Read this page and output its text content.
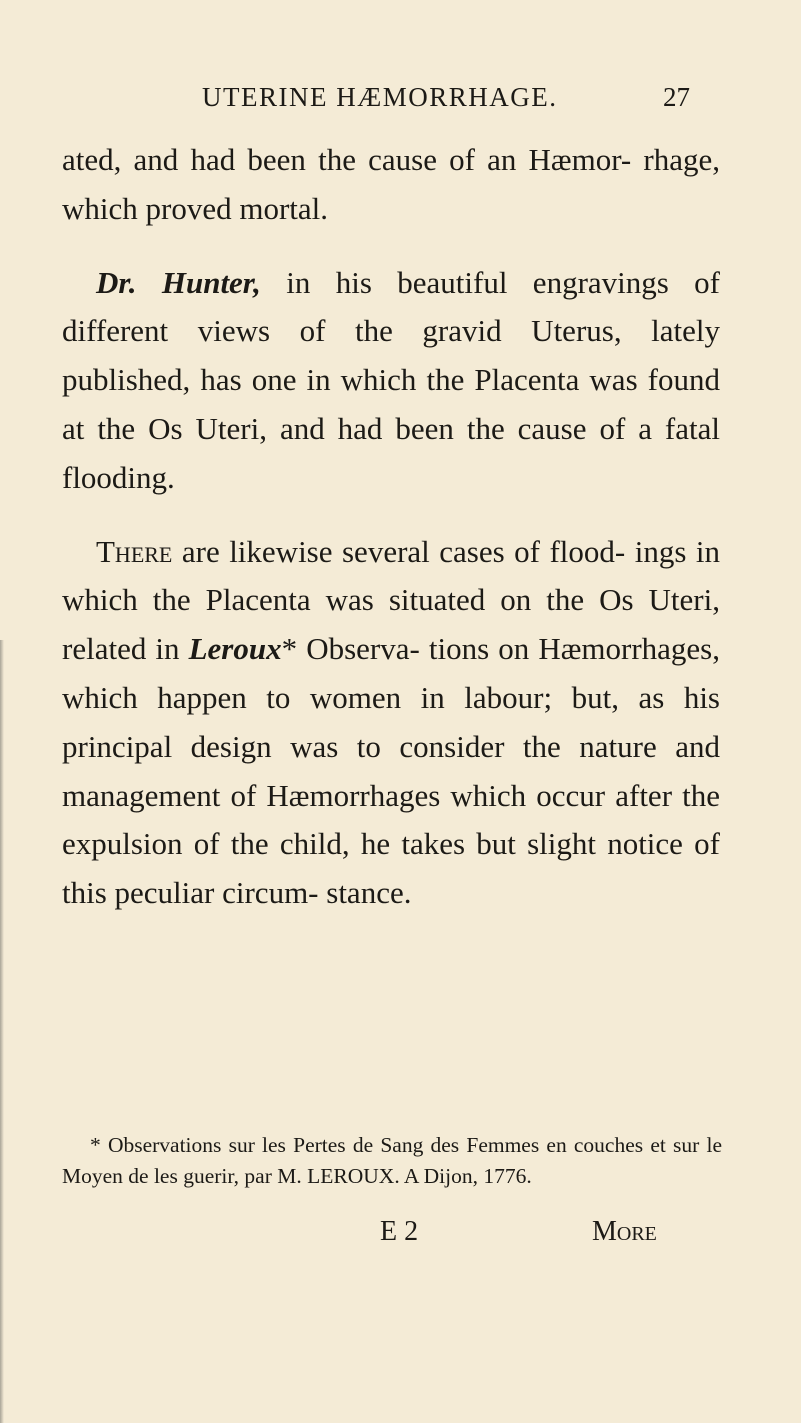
UTERINE HÆMORRHAGE.	27

ated, and had been the cause of an Hæmor- rhage, which proved mortal.

Dr. Hunter, in his beautiful engravings of different views of the gravid Uterus, lately published, has one in which the Placenta was found at the Os Uteri, and had been the cause of a fatal flooding.

There are likewise several cases of flood- ings in which the Placenta was situated on the Os Uteri, related in Leroux* Observa- tions on Hæmorrhages, which happen to women in labour; but, as his principal design was to consider the nature and management of Hæmorrhages which occur after the expulsion of the child, he takes but slight notice of this peculiar circum- stance.

* Observations sur les Pertes de Sang des Femmes en couches et sur le Moyen de les guerir, par M. LEROUX. A Dijon, 1776.
E 2	More
